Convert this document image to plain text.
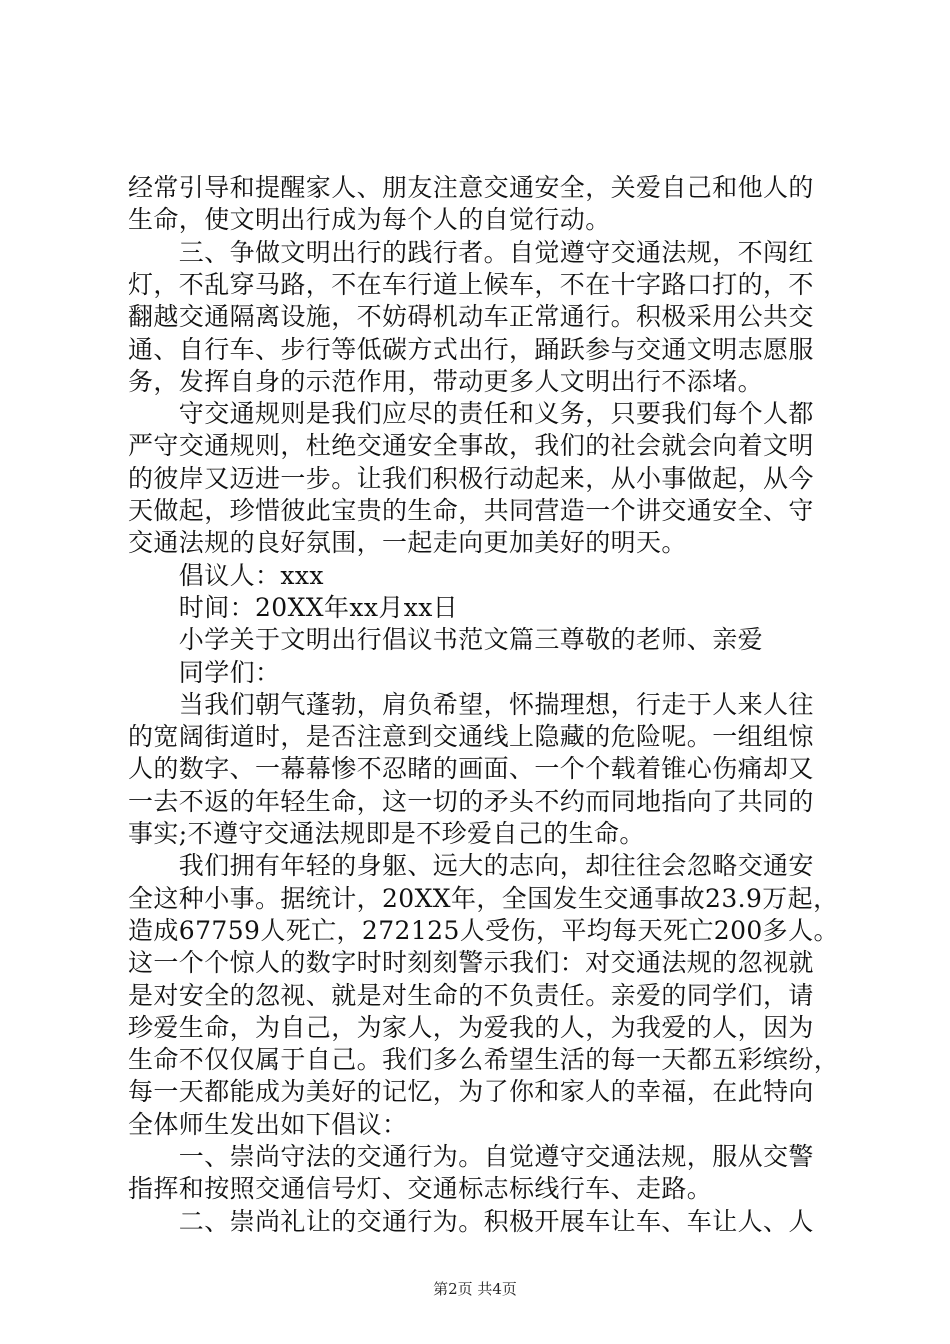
经常引导和提醒家人、朋友注意交通安全，关爱自己和他人的
生命，使文明出行成为每个人的自觉行动。
　　三、争做文明出行的践行者。自觉遵守交通法规，不闯红
灯，不乱穿马路，不在车行道上候车，不在十字路口打的，不
翻越交通隔离设施，不妨碍机动车正常通行。积极采用公共交
通、自行车、步行等低碳方式出行，踊跃参与交通文明志愿服
务，发挥自身的示范作用，带动更多人文明出行不添堵。
　　守交通规则是我们应尽的责任和义务，只要我们每个人都
严守交通规则，杜绝交通安全事故，我们的社会就会向着文明
的彼岸又迈进一步。让我们积极行动起来，从小事做起，从今
天做起，珍惜彼此宝贵的生命，共同营造一个讲交通安全、守
交通法规的良好氛围，一起走向更加美好的明天。
　　倡议人：xxx
　　时间：20XX年xx月xx日
　　小学关于文明出行倡议书范文篇三尊敬的老师、亲爱
　　同学们：
　　当我们朝气蓬勃，肩负希望，怀揣理想，行走于人来人往
的宽阔街道时，是否注意到交通线上隐藏的危险呢。一组组惊
人的数字、一幕幕惨不忍睹的画面、一个个载着锥心伤痛却又
一去不返的年轻生命，这一切的矛头不约而同地指向了共同的
事实;不遵守交通法规即是不珍爱自己的生命。
　　我们拥有年轻的身躯、远大的志向，却往往会忽略交通安
全这种小事。据统计，20XX年，全国发生交通事故23.9万起，
造成67759人死亡，272125人受伤，平均每天死亡200多人。
这一个个惊人的数字时时刻刻警示我们：对交通法规的忽视就
是对安全的忽视、就是对生命的不负责任。亲爱的同学们，请
珍爱生命，为自己，为家人，为爱我的人，为我爱的人，因为
生命不仅仅属于自己。我们多么希望生活的每一天都五彩缤纷，
每一天都能成为美好的记忆，为了你和家人的幸福，在此特向
全体师生发出如下倡议：
　　一、崇尚守法的交通行为。自觉遵守交通法规，服从交警
指挥和按照交通信号灯、交通标志标线行车、走路。
　　二、崇尚礼让的交通行为。积极开展车让车、车让人、人
第2页 共4页
